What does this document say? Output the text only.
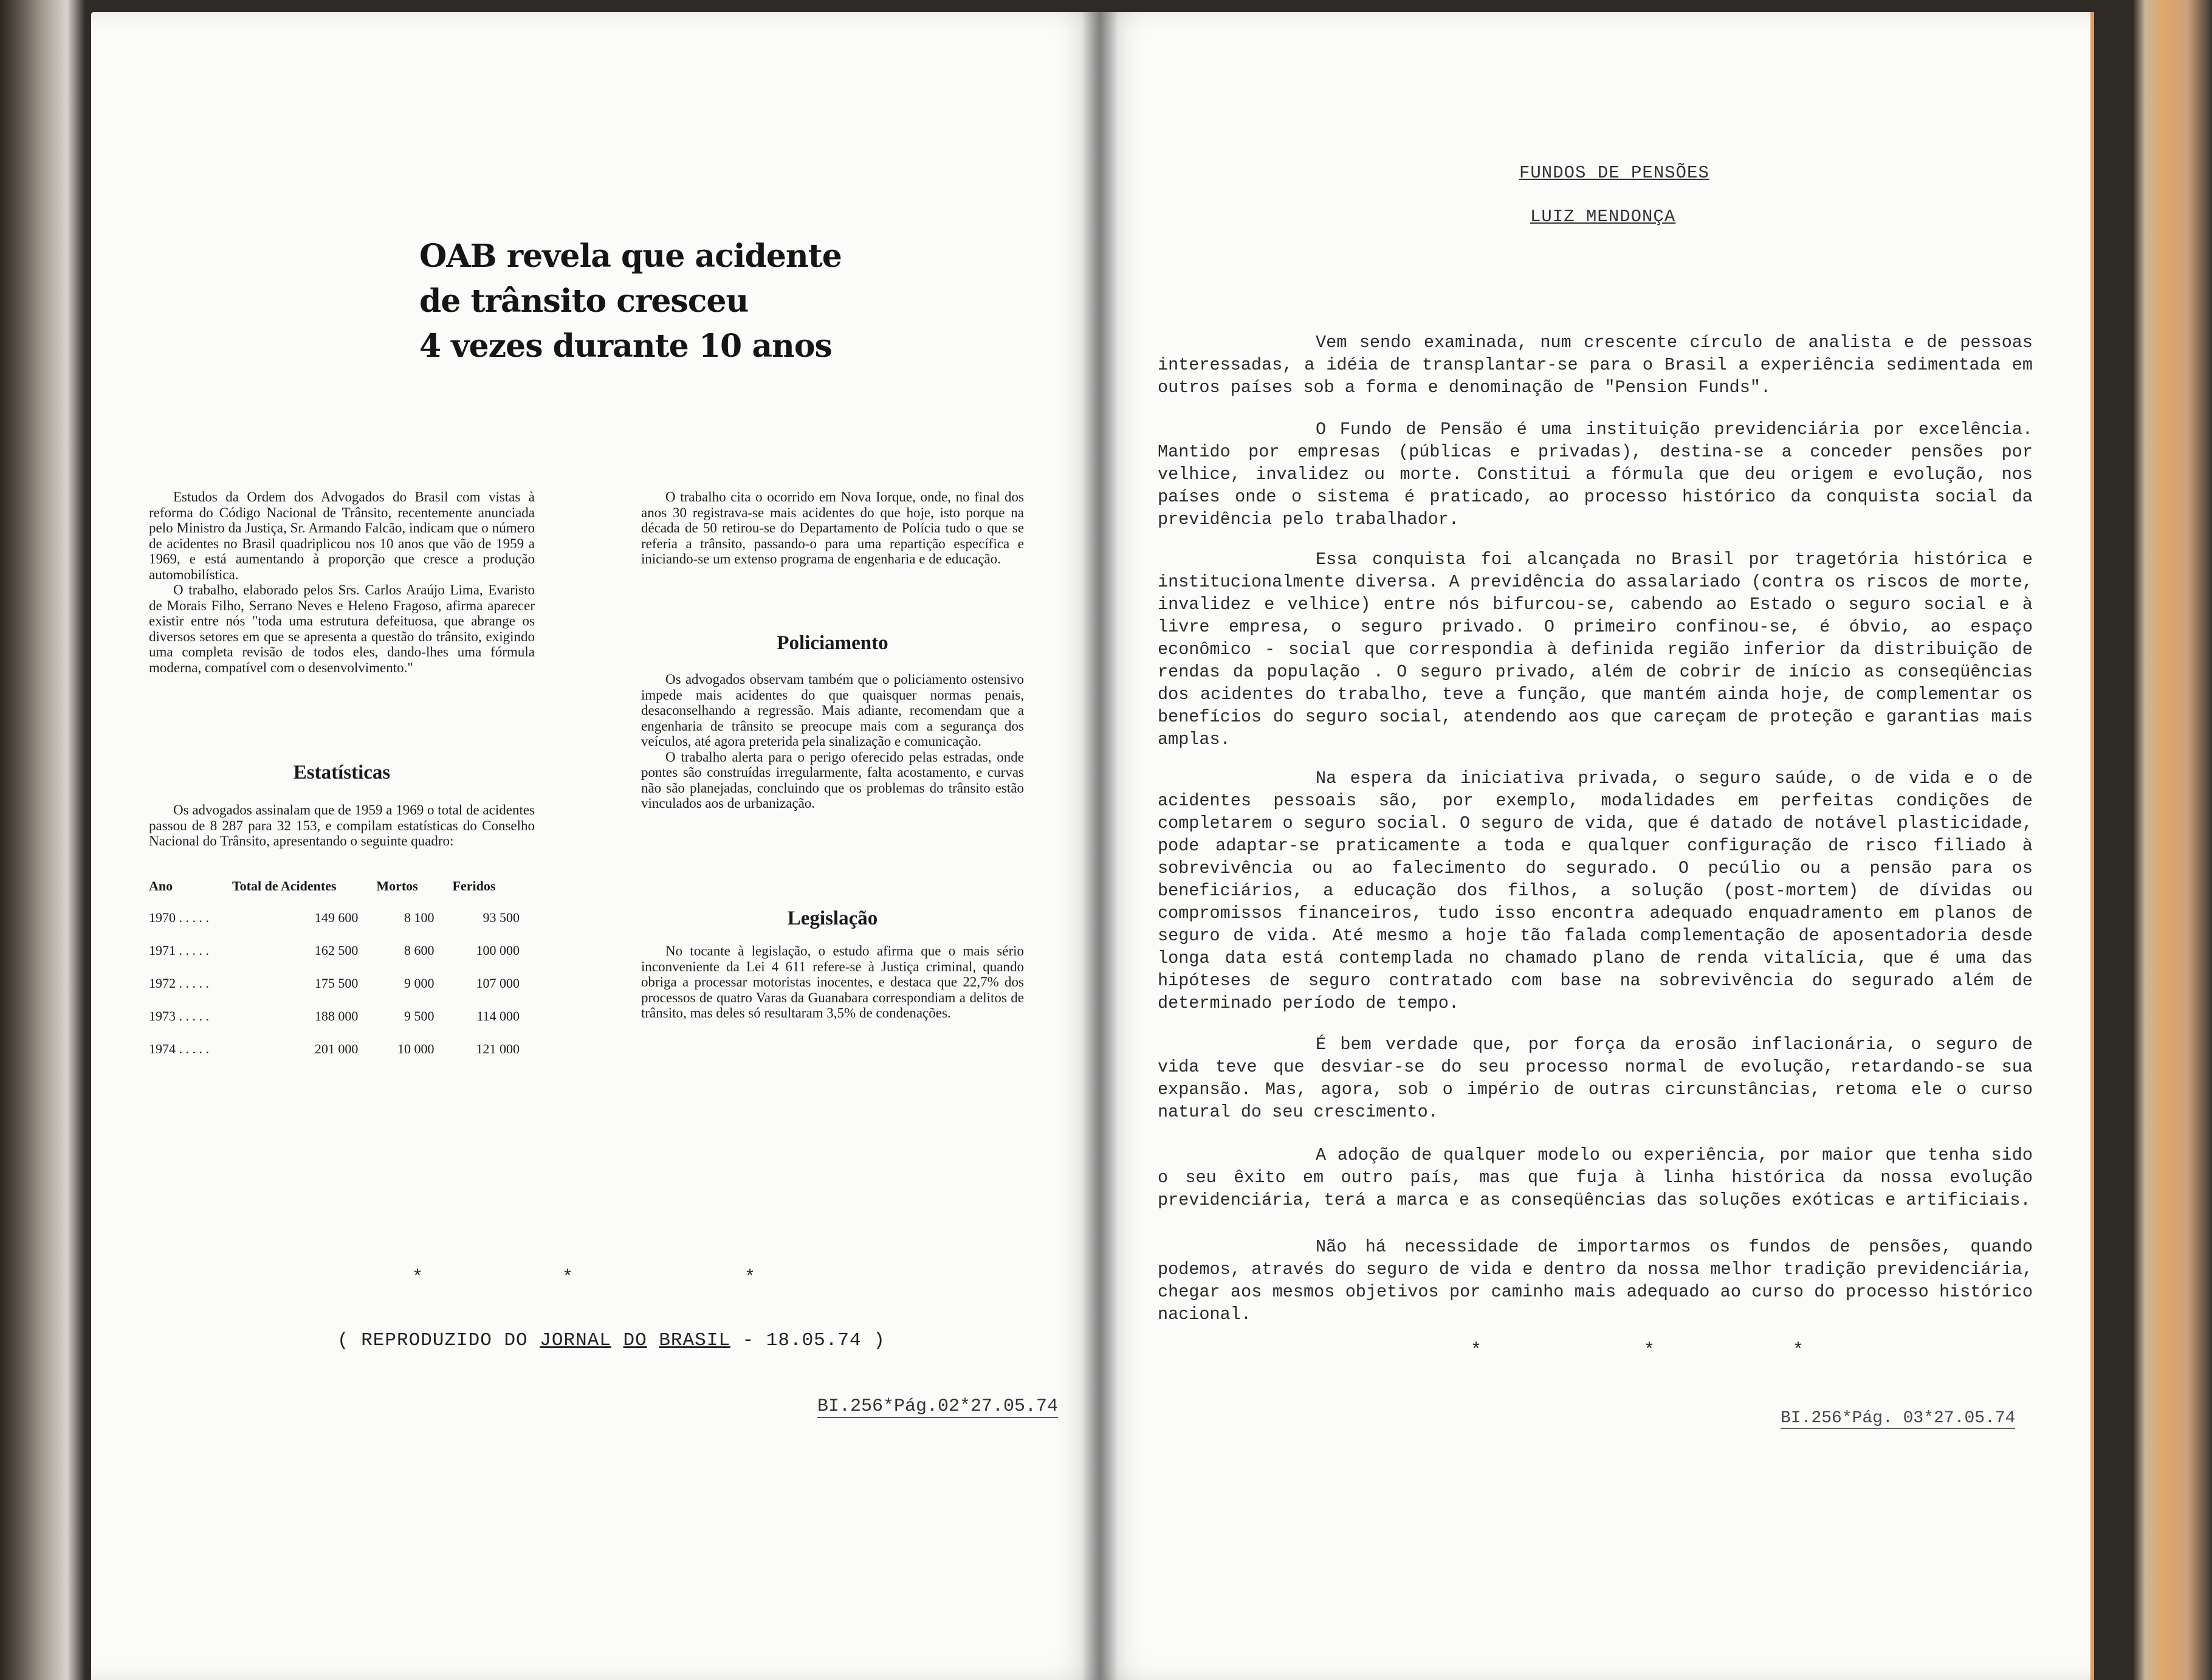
OAB revela que acidente
de trânsito cresceu
4 vezes durante 10 anos

Estudos da Ordem dos Advogados do Brasil com vistas à reforma do Código Nacional de Trânsito, recentemente anunciada pelo Ministro da Justiça, Sr. Armando Falcão, indicam que o número de acidentes no Brasil quadriplicou nos 10 anos que vão de 1959 a 1969, e está aumentando à proporção que cresce a produção automobilística.

O trabalho, elaborado pelos Srs. Carlos Araújo Lima, Evaristo de Morais Filho, Serrano Neves e Heleno Fragoso, afirma aparecer existir entre nós "toda uma estrutura defeituosa, que abrange os diversos setores em que se apresenta a questão do trânsito, exigindo uma completa revisão de todos eles, dando-lhes uma fórmula moderna, compatível com o desenvolvimento."

Estatísticas

Os advogados assinalam que de 1959 a 1969 o total de acidentes passou de 8 287 para 32 153, e compilam estatísticas do Conselho Nacional do Trânsito, apresentando o seguinte quadro:

Ano	Total de Acidentes	Mortos	Feridos
1970 . . . . .	149 600	8 100	93 500
1971 . . . . .	162 500	8 600	100 000
1972 . . . . .	175 500	9 000	107 000
1973 . . . . .	188 000	9 500	114 000
1974 . . . . .	201 000	10 000	121 000

O trabalho cita o ocorrido em Nova Iorque, onde, no final dos anos 30 registrava-se mais acidentes do que hoje, isto porque na década de 50 retirou-se do Departamento de Polícia tudo o que se referia a trânsito, passando-o para uma repartição específica e iniciando-se um extenso programa de engenharia e de educação.

Policiamento

Os advogados observam também que o policiamento ostensivo impede mais acidentes do que quaisquer normas penais, desaconselhando a regressão. Mais adiante, recomendam que a engenharia de trânsito se preocupe mais com a segurança dos veículos, até agora preterida pela sinalização e comunicação.

O trabalho alerta para o perigo oferecido pelas estradas, onde pontes são construídas irregularmente, falta acostamento, e curvas não são planejadas, concluindo que os problemas do trânsito estão vinculados aos de urbanização.

Legislação

No tocante à legislação, o estudo afirma que o mais sério inconveniente da Lei 4 611 refere-se à Justiça criminal, quando obriga a processar motoristas inocentes, e destaca que 22,7% dos processos de quatro Varas da Guanabara correspondiam a delitos de trânsito, mas deles só resultaram 3,5% de condenações.

*	*	*
( REPRODUZIDO DO JORNAL DO BRASIL - 18.05.74 )
BI.256*Pág.02*27.05.74
FUNDOS DE PENSÕES
LUIZ MENDONÇA

Vem sendo examinada, num crescente círculo de analista e de pessoas interessadas, a idéia de transplantar-se para o Brasil a experiência sedimentada em outros países sob a forma e denominação de "Pension Funds".

O Fundo de Pensão é uma instituição previdenciária por excelência. Mantido por empresas (públicas e privadas), destina-se a conceder pensões por velhice, invalidez ou morte. Constitui a fórmula que deu origem e evolução, nos países onde o sistema é praticado, ao processo histórico da conquista social da previdência pelo trabalhador.

Essa conquista foi alcançada no Brasil por tragetória histórica e institucionalmente diversa. A previdência do assalariado (contra os riscos de morte, invalidez e velhice) entre nós bifurcou-se, cabendo ao Estado o seguro social e à livre empresa, o seguro privado. O primeiro confinou-se, é óbvio, ao espaço econômico - social que correspondia à definida região inferior da distribuição de rendas da população . O seguro privado, além de cobrir de início as conseqüências dos acidentes do trabalho, teve a função, que mantém ainda hoje, de complementar os benefícios do seguro social, atendendo aos que careçam de proteção e garantias mais amplas.

Na espera da iniciativa privada, o seguro saúde, o de vida e o de acidentes pessoais são, por exemplo, modalidades em perfeitas condições de completarem o seguro social. O seguro de vida, que é datado de notável plasticidade, pode adaptar-se praticamente a toda e qualquer configuração de risco filiado à sobrevivência ou ao falecimento do segurado. O pecúlio ou a pensão para os beneficiários, a educação dos filhos, a solução (post-mortem) de dívidas ou compromissos financeiros, tudo isso encontra adequado enquadramento em planos de seguro de vida. Até mesmo a hoje tão falada complementação de aposentadoria desde longa data está contemplada no chamado plano de renda vitalícia, que é uma das hipóteses de seguro contratado com base na sobrevivência do segurado além de determinado período de tempo.

É bem verdade que, por força da erosão inflacionária, o seguro de vida teve que desviar-se do seu processo normal de evolução, retardando-se sua expansão. Mas, agora, sob o império de outras circunstâncias, retoma ele o curso natural do seu crescimento.

A adoção de qualquer modelo ou experiência, por maior que tenha sido o seu êxito em outro país, mas que fuja à linha histórica da nossa evolução previdenciária, terá a marca e as conseqüências das soluções exóticas e artificiais.

Não há necessidade de importarmos os fundos de pensões, quando podemos, através do seguro de vida e dentro da nossa melhor tradição previdenciária, chegar aos mesmos objetivos por caminho mais adequado ao curso do processo histórico nacional.

*	*	*
BI.256*Pág. 03*27.05.74
